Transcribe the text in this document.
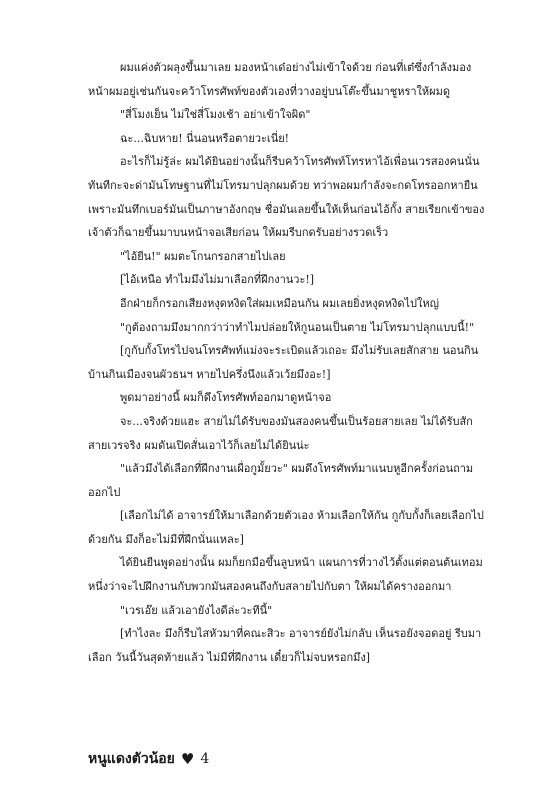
ผมแค่งตัวผลุงขึ้นมาเลย มองหน้าเด๋อย่างไม่เข้าใจด้วย ก่อนที่เต๋ซึ่งกำลังมองหน้าผมอยู่เช่นกันจะคว้าโทรศัพท์ของตัวเองที่วางอยู่บนโต๊ะขึ้นมาชูหราให้ผมดู

"สี่โมงเย็น ไม่ใช่สี่โมงเช้า อย่าเข้าใจผิด"

ฉะ...ฉิบหาย! นี่นอนหรือตายวะเนี่ย!

อะไรก็ไม่รู้ล่ะ ผมได้ยินอย่างนั้นก็รีบคว้าโทรศัพท์โทรหาไอ้เพื่อนเวรสองคนนั่นทันทีกะจะด่ามันโทษฐานที่ไม่โทรมาปลุกผมด้วย ทว่าพอผมกำลังจะกดโทรออกหายืนเพราะมันทึกเบอร์มันเป็นภาษาอังกฤษ ชื่อมันเลยขึ้นให้เห็นก่อนไอ้กั้ง สายเรียกเข้าของเจ้าตัวก็ฉายขึ้นมาบนหน้าจอเสียก่อน ให้ผมรีบกดรับอย่างรวดเร็ว

"ไอ้ยีน!" ผมตะโกนกรอกสายไปเลย

[ไอ้เหนือ ทำไมมึงไม่มาเลือกที่ฝึกงานวะ!]

อีกฝ่ายก็กรอกเสียงหงุดหงิดใส่ผมเหมือนกัน ผมเลยยิ่งหงุดหงิดไปใหญ่

"กูต้องถามมึงมากกว่าว่าทำไมปล่อยให้กูนอนเป็นตาย ไม่โทรมาปลุกแบบนี้!"

[กูกับกั้งโทรไปจนโทรศัพท์แม่งจะระเบิดแล้วเถอะ มึงไม่รับเลยสักสาย นอนกินบ้านกินเมืองจนผัวธนฯ หายไปครึ่งนึงแล้วเว้ยมึงอะ!]

พูดมาอย่างนี้ ผมก็ดึงโทรศัพท์ออกมาดูหน้าจอ

จะ...จริงด้วยแฮะ สายไม่ได้รับของมันสองคนขึ้นเป็นร้อยสายเลย ไม่ได้รับสักสายเวรจริง ผมดันเปิดสั่นเอาไว้ก็เลยไม่ได้ยินน่ะ

"แล้วมึงได้เลือกที่ฝึกงานเผื่อกูมั้ยวะ" ผมดึงโทรศัพท์มาแนบหูอีกครั้งก่อนถามออกไป

[เลือกไม่ได้ อาจารย์ให้มาเลือกด้วยตัวเอง ห้ามเลือกให้กัน กูกับกั้งก็เลยเลือกไปด้วยกัน มึงก็อะไม่มีที่ฝึกนั่นแหละ]

ได้ยินยีนพูดอย่างนั้น ผมก็ยกมือขึ้นลูบหน้า แผนการที่วางไว้ตั้งแต่ตอนต้นเทอมหนึ่งว่าจะไปฝึกงานกับพวกมันสองคนถึงกับสลายไปกับตา ให้ผมได้คราง​ออกมา

"เวรเอ๊ย แล้วเอายังไงดีล่ะวะทีนี้"

[ทำไงละ มึงก็รีบไสหัวมาที่คณะสิวะ อาจารย์ยังไม่กลับ เห็นรอยังจอดอยู่ รีบมาเลือก วันนี้วันสุดท้ายแล้ว ไม่มีที่ฝึกงาน เดี๋ยวก็ไม่จบหรอกมึง]

หนูแดงตัวน้อย ♥ 4
